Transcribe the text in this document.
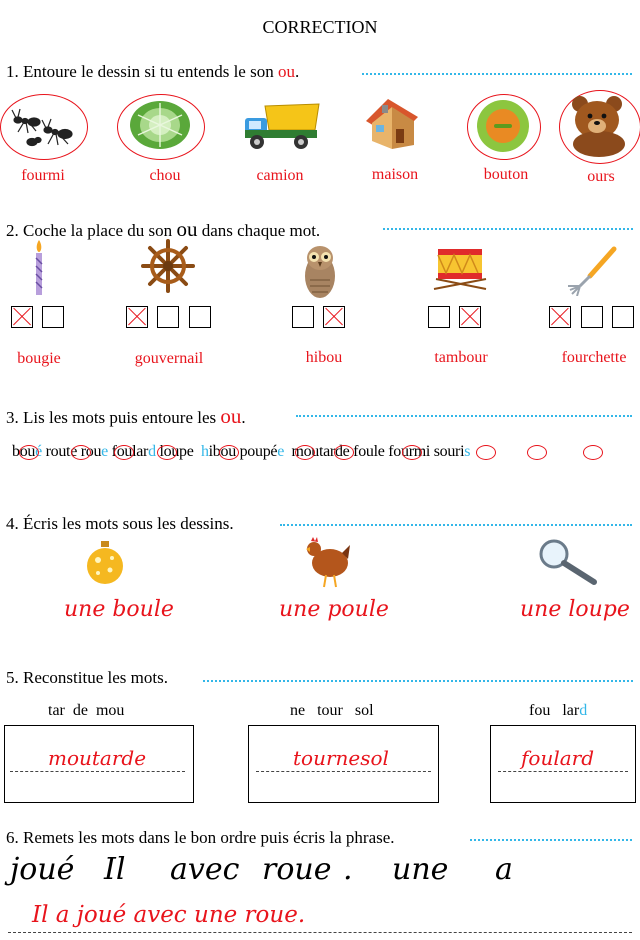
CORRECTION
1. Entoure le dessin si tu entends le son ou.
fourmi	chou	camion	maison	bouton	ours
2. Coche la place du son ou dans chaque mot.
bougie	gouvernail	hibou	tambour	fourchette
3. Lis les mots puis entoure les ou.
boué route roue foulard loupe hibou poupée moutarde foule fourmi souris
4. Écris les mots sous les dessins.
une boule	une poule	une loupe
5. Reconstitue les mots.
tar de mou
moutarde
ne tour sol
tournesol
fou lard
foulard
6. Remets les mots dans le bon ordre puis écris la phrase.
joué Il avec roue . une a
Il a joué avec une roue.
